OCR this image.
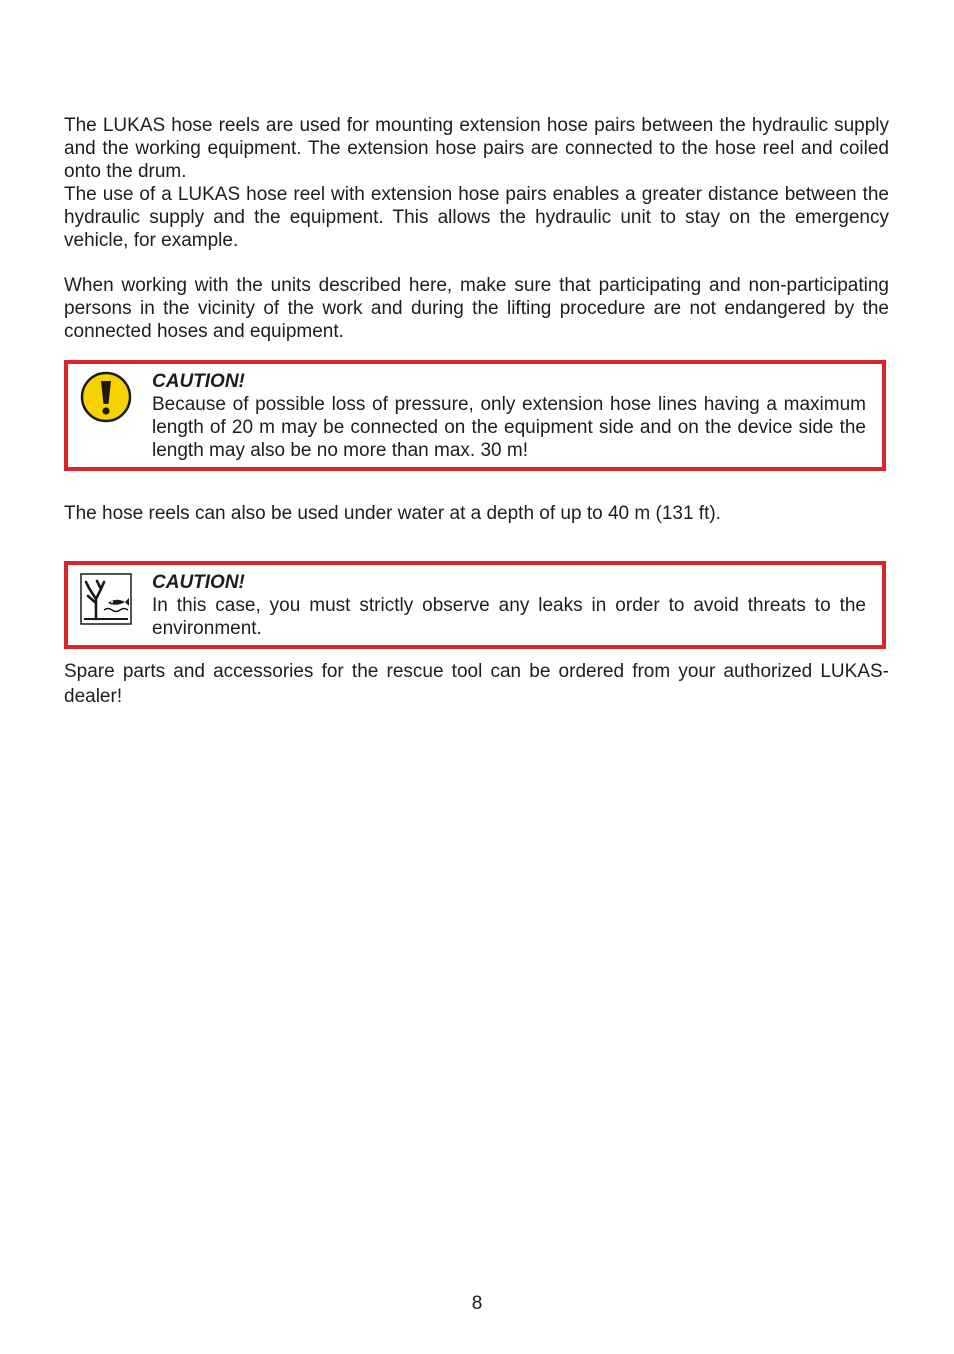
The LUKAS hose reels are used for mounting extension hose pairs between the hydraulic supply and the working equipment. The extension hose pairs are connected to the hose reel and coiled onto the drum.

The use of a LUKAS hose reel with extension hose pairs enables a greater distance between the hydraulic supply and the equipment. This allows the hydraulic unit to stay on the emergency vehicle, for example.

When working with the units described here, make sure that participating and non-participating persons in the vicinity of the work and during the lifting procedure are not endangered by the connected hoses and equipment.

CAUTION!
Because of possible loss of pressure, only extension hose lines having a maximum length of 20 m may be connected on the equipment side and on the device side the length may also be no more than max. 30 m!

The hose reels can also be used under water at a depth of up to 40 m (131 ft).

CAUTION!
In this case, you must strictly observe any leaks in order to avoid threats to the environment.

Spare parts and accessories for the rescue tool can be ordered from your authorized LUKAS-dealer!

8
